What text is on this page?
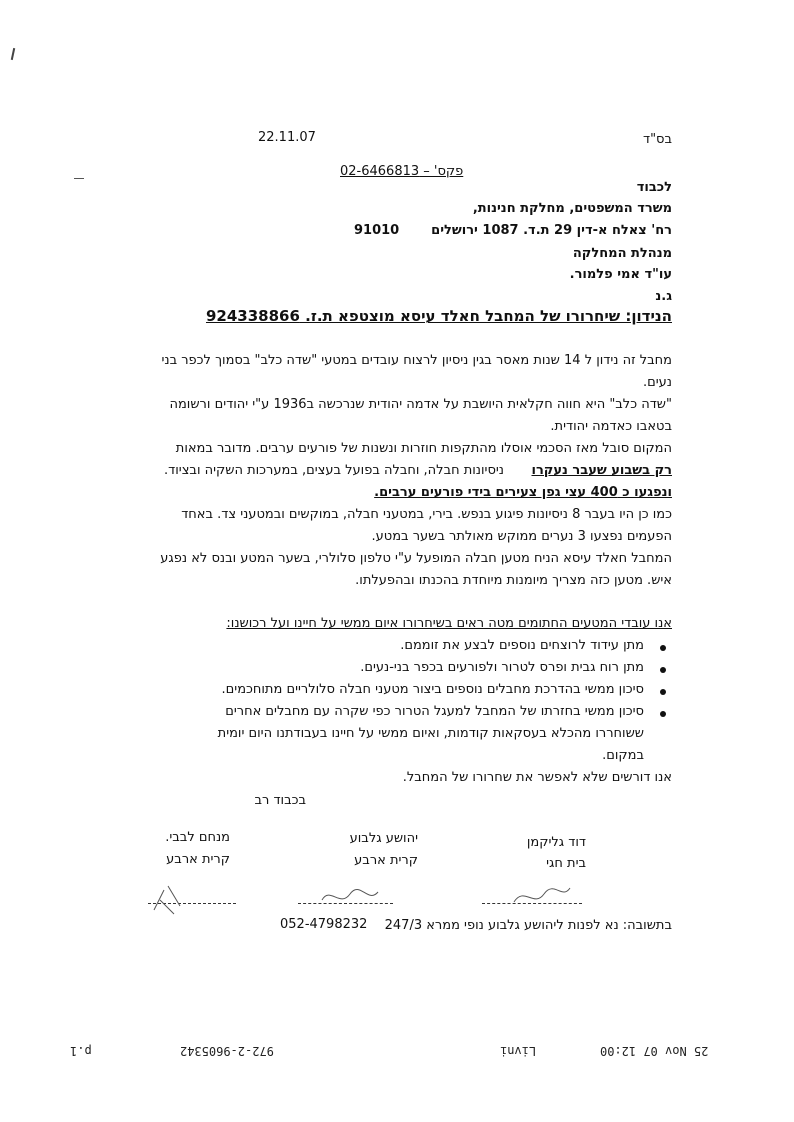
בס"ד
22.11.07
פקס' – 02-6466813
לכבוד
משרד המשפטים, מחלקת חנינות,
רח' צאלח א-דין 29 ת.ד. 1087 ירושלים
91010
מנהלת המחלקה
עו"ד אמי פלמור.
ג.נ
הנידון: שיחרורו של המחבל חאלד עיסא מוצטפא ת.ז. 924338866
מחבל זה נידון ל 14 שנות מאסר בגין ניסיון לרצוח עובדים במטעי "שדה כלב" בסמוך לכפר בני
נעים.
"שדה כלב" היא חווה חקלאית היושבת על אדמה יהודית שנרכשה ב1936 ע"י יהודים ורשומה
בטאבו כאדמה יהודית.
המקום סובל מאז הסכמי אוסלו מהתקפות חוזרות ונשנות של פורעים ערבים. מדובר במאות
ניסיונות חבלה, וחבלה בפועל בעצים, במערכות השקיה ובציוד. רק בשבוע שעבר נעקרו
ונפגעו כ 400 עצי גפן צעירים בידי פורעים ערבים.
כמו כן היו בעבר 8 ניסיונות פיגוע בנפש. בירי, במטעני חבלה, במוקשים ובמטעני צד. באחד
הפעמים נפצעו 3 נערים ממוקש מאולתר בשער במטע.
המחבל חאלד עיסא הניח מטען חבלה המופעל ע"י טלפון סלולרי, בשער המטע ובנס לא נפגע
איש. מטען כזה מצריך מיומנות מיוחדת בהכנתו ובהפעלתו.
אנו עובדי המטעים החתומים מטה ראים בשיחרורו איום ממשי על חיינו ועל רכושנו:
מתן עידוד לרוצחים נוספים לבצע את זוממם.
מתן רוח גבית ופרס לטרור ולפורעים בכפר בני-נעים.
סיכון ממשי בהדרכת מחבלים נוספים ביצור מטעני חבלה סלולריים מתוחכמים.
סיכון ממשי בחזרתו של המחבל למעגל הטרור כפי שקרה עם מחבלים אחרים
ששוחררו מהכלא בעסקאות קודמות, ואיום ממשי על חיינו בעבודתנו היום יומית
במקום.
אנו דורשים שלא לאפשר את שחרורו של המחבל.
בכבוד רב
דוד גליקמן
בית חגי
יהושע גלבוע
קרית ארבע
מנחם לבבי.
קרית ארבע
בתשובה: נא לפנות ליהושע גלבוע נופי ממרא 247/3
052-4798232
p.1	972-2-9605342	Livni	25 Nov 07 12:00
